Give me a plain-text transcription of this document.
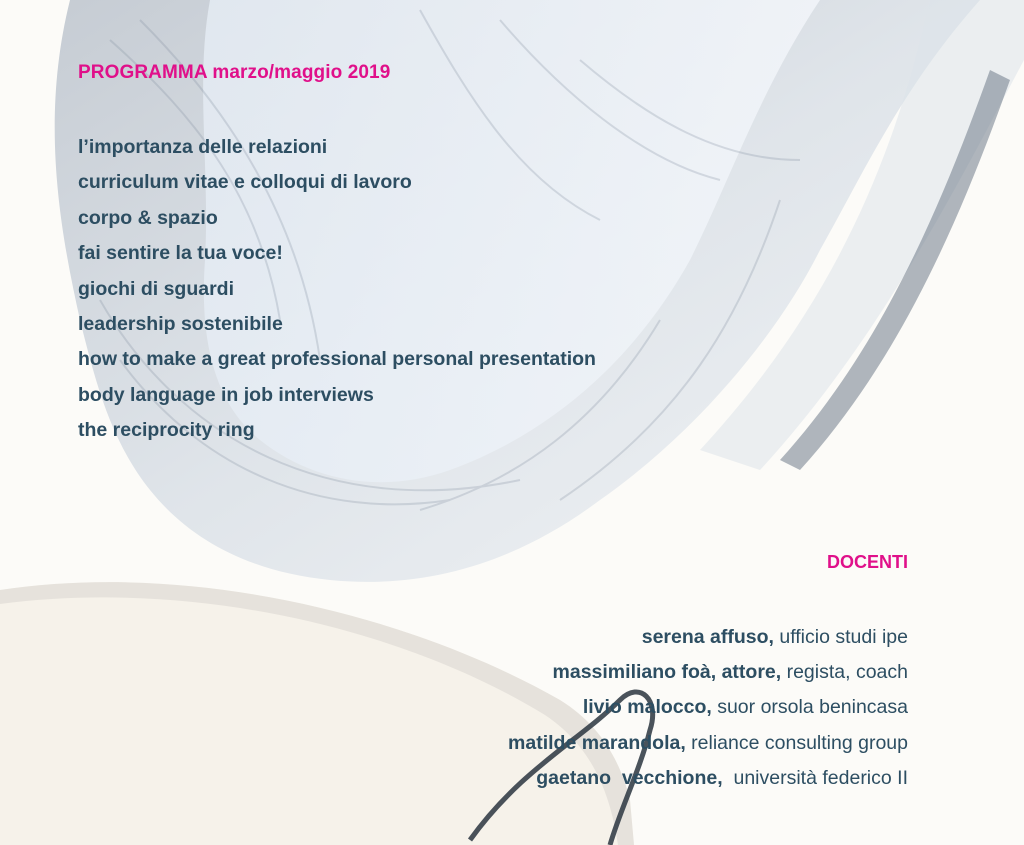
PROGRAMMA marzo/maggio 2019
l’importanza delle relazioni
curriculum vitae e colloqui di lavoro
corpo & spazio
fai sentire la tua voce!
giochi di sguardi
leadership sostenibile
how to make a great professional personal presentation
body language in job interviews
the reciprocity ring
DOCENTI
serena affuso, ufficio studi ipe
massimiliano foà, attore, regista, coach
livio malocco, suor orsola benincasa
matilde marandola, reliance consulting group
gaetano  vecchione,  università federico II
